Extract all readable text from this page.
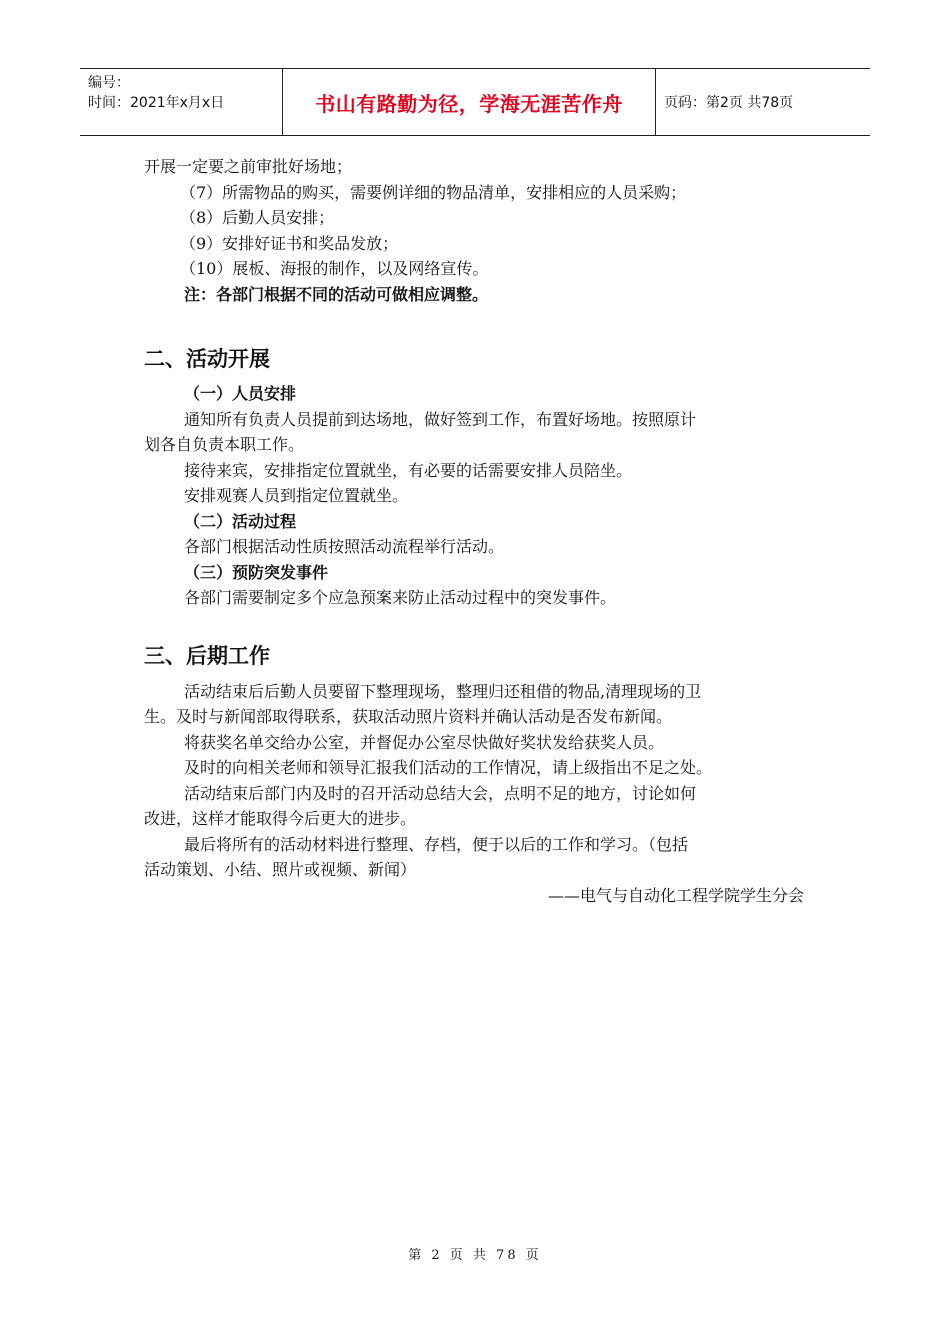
编号：
时间：2021年x月x日	书山有路勤为径，学海无涯苦作舟	页码：第2页 共78页
开展一定要之前审批好场地；
（7）所需物品的购买，需要例详细的物品清单，安排相应的人员采购；
（8）后勤人员安排；
（9）安排好证书和奖品发放；
（10）展板、海报的制作，以及网络宣传。
注：各部门根据不同的活动可做相应调整。
二、活动开展
（一）人员安排
通知所有负责人员提前到达场地，做好签到工作，布置好场地。按照原计
划各自负责本职工作。
接待来宾，安排指定位置就坐，有必要的话需要安排人员陪坐。
安排观赛人员到指定位置就坐。
（二）活动过程
各部门根据活动性质按照活动流程举行活动。
（三）预防突发事件
各部门需要制定多个应急预案来防止活动过程中的突发事件。
三、后期工作
活动结束后后勤人员要留下整理现场，整理归还租借的物品,清理现场的卫
生。及时与新闻部取得联系，获取活动照片资料并确认活动是否发布新闻。
将获奖名单交给办公室，并督促办公室尽快做好奖状发给获奖人员。
及时的向相关老师和领导汇报我们活动的工作情况，请上级指出不足之处。
活动结束后部门内及时的召开活动总结大会，点明不足的地方，讨论如何
改进，这样才能取得今后更大的进步。
最后将所有的活动材料进行整理、存档，便于以后的工作和学习。（包括
活动策划、小结、照片或视频、新闻）
——电气与自动化工程学院学生分会
第 2 页 共 78 页
